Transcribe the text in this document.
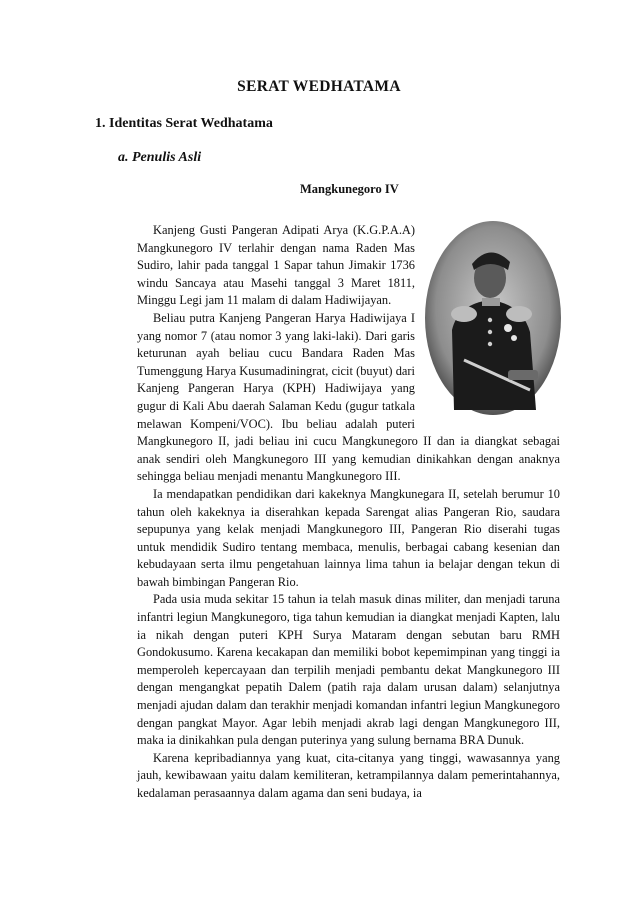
SERAT WEDHATAMA
1. Identitas Serat Wedhatama
a. Penulis Asli
Mangkunegoro IV

Kanjeng Gusti Pangeran Adipati Arya (K.G.P.A.A) Mangkunegoro IV terlahir dengan nama Raden Mas Sudiro, lahir pada tanggal 1 Sapar tahun Jimakir 1736 windu Sancaya atau Masehi tanggal 3 Maret 1811, Minggu Legi jam 11 malam di dalam Hadiwijayan.

Beliau putra Kanjeng Pangeran Harya Hadiwijaya I yang nomor 7 (atau nomor 3 yang laki-laki). Dari garis keturunan ayah beliau cucu Bandara Raden Mas Tumenggung Harya Kusumadiningrat, cicit (buyut) dari Kanjeng Pangeran Harya (KPH) Hadiwijaya yang gugur di Kali Abu daerah Salaman Kedu (gugur tatkala melawan Kompeni/VOC). Ibu beliau adalah puteri Mangkunegoro II, jadi beliau ini cucu Mangkunegoro II dan ia diangkat sebagai anak sendiri oleh Mangkunegoro III yang kemudian dinikahkan dengan anaknya sehingga beliau menjadi menantu Mangkunegoro III.

Ia mendapatkan pendidikan dari kakeknya Mangkunegara II, setelah berumur 10 tahun oleh kakeknya ia diserahkan kepada Sarengat alias Pangeran Rio, saudara sepupunya yang kelak menjadi Mangkunegoro III, Pangeran Rio diserahi tugas untuk mendidik Sudiro tentang membaca, menulis, berbagai cabang kesenian dan kebudayaan serta ilmu pengetahuan lainnya lima tahun ia belajar dengan tekun di bawah bimbingan Pangeran Rio.

Pada usia muda sekitar 15 tahun ia telah masuk dinas militer, dan menjadi taruna infantri legiun Mangkunegoro, tiga tahun kemudian ia diangkat menjadi Kapten, lalu ia nikah dengan puteri KPH Surya Mataram dengan sebutan baru RMH Gondokusumo. Karena kecakapan dan memiliki bobot kepemimpinan yang tinggi ia memperoleh kepercayaan dan terpilih menjadi pembantu dekat Mangkunegoro III dengan mengangkat pepatih Dalem (patih raja dalam urusan dalam) selanjutnya menjadi ajudan dalam dan terakhir menjadi komandan infantri legiun Mangkunegoro dengan pangkat Mayor. Agar lebih menjadi akrab lagi dengan Mangkunegoro III, maka ia dinikahkan pula dengan puterinya yang sulung bernama BRA Dunuk.

Karena kepribadiannya yang kuat, cita-citanya yang tinggi, wawasannya yang jauh, kewibawaan yaitu dalam kemiliteran, ketrampilannya dalam pemerintahannya, kedalaman perasaannya dalam agama dan seni budaya, ia
